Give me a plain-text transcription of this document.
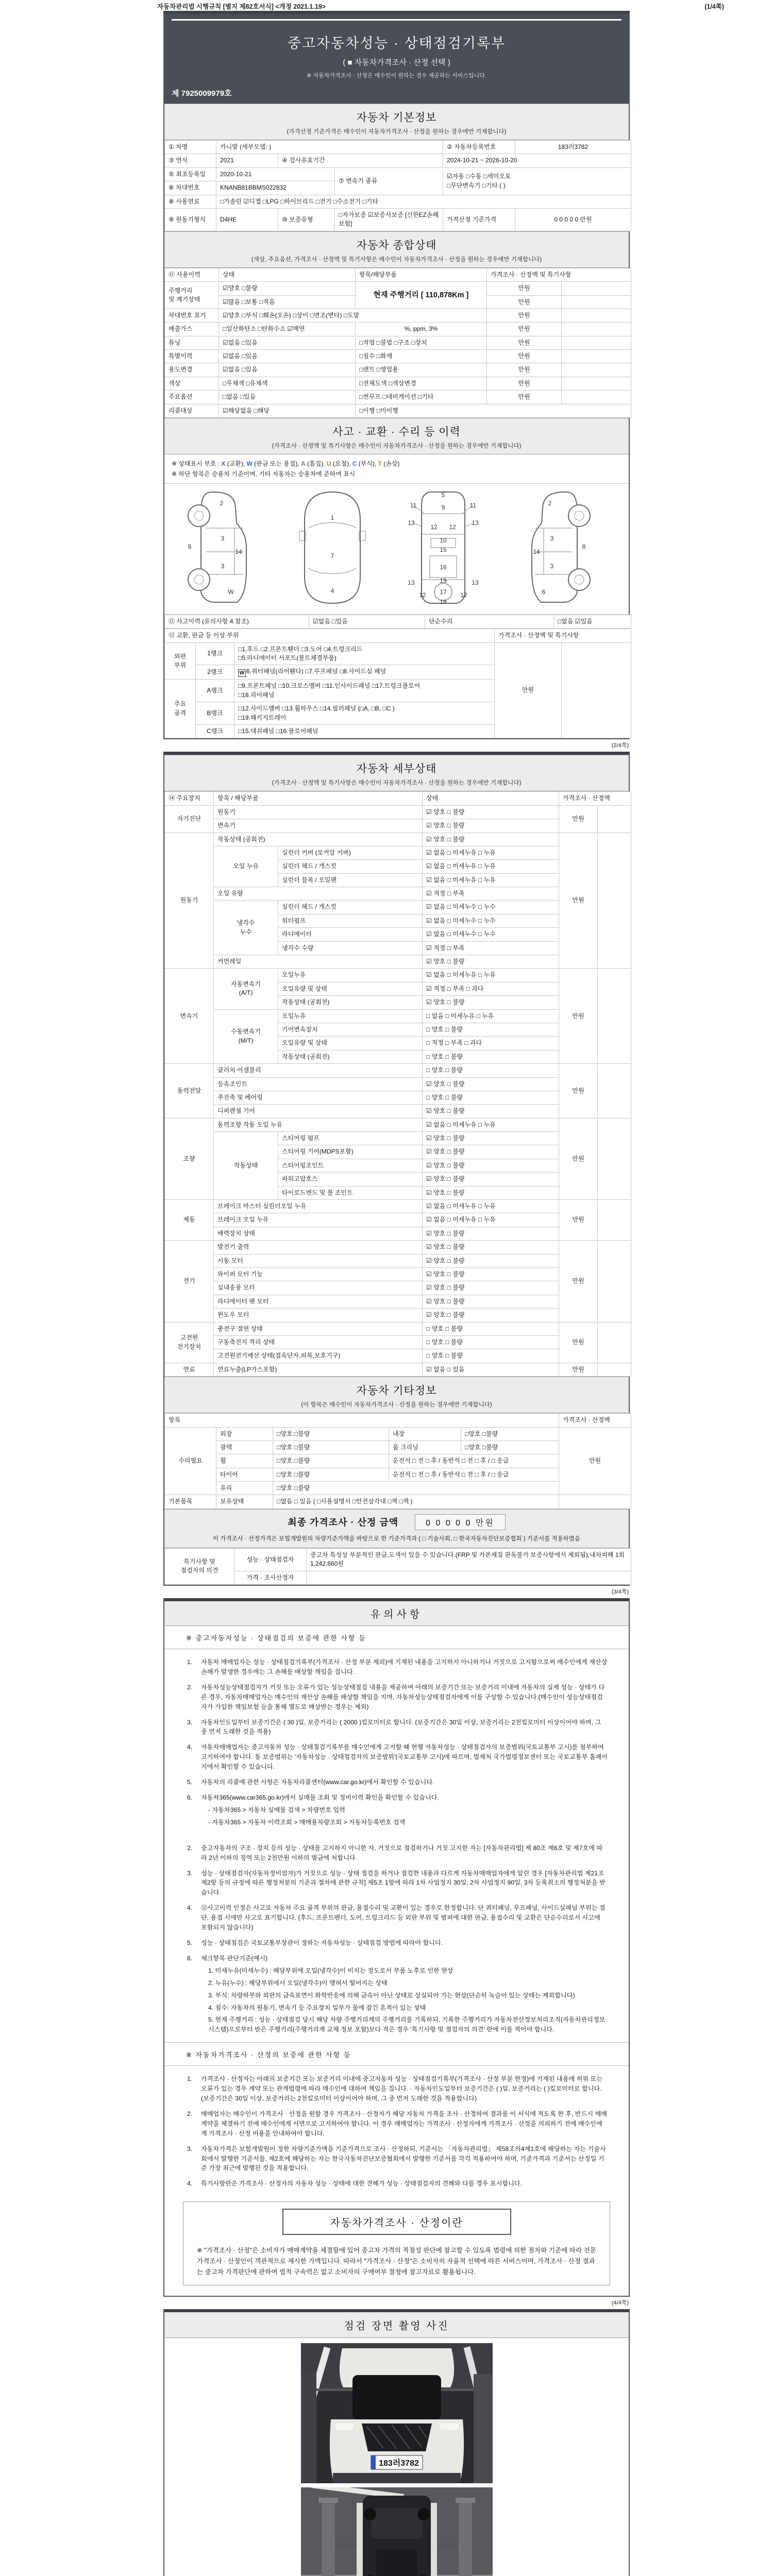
자동차관리법 시행규칙 [별지 제82호서식] <개정 2021.1.19>	(1/4쪽)
중고자동차성능 · 상태점검기록부
( ■ 자동차가격조사 · 산정 선택 )
※ 자동차가격조사 · 산정은 매수인이 원하는 경우 제공하는 서비스입니다.
제 7925009979호
자동차 기본정보
(가격산정 기준가격은 매수인이 자동차가격조사 · 산정을 원하는 경우에만 기재합니다)
① 차명	카니발 (세부모델: )			② 자동차등록번호	183러3782
③ 연식	2021	④ 검사유효기간		2024-10-21 ~ 2026-10-20	
⑤ 최초등록일	2020-10-21		⑦ 변속기 종류	☑자동 □수동 □세미오토
□무단변속기 □기타 ( )	
⑥ 차대번호	KNANB81BBMS022832				
⑧ 사용연료	□가솔린 ☑디젤 □LPG □하이브리드 □전기 □수소전기 □기타				
⑨ 원동기형식	D4HE	⑩ 보증유형	□자가보증 ☑보증사보증 [신한EZ손해보험]	가격산정 기준가격	0 0 0 0 0 만원
자동차 종합상태
(색상, 주요옵션, 가격조사 · 산정액 및 특기사항은 매수인이 자동차가격조사 · 산정을 원하는 경우에만 기재합니다)
⑪ 사용이력	상태	항목/해당부품	가격조사 · 산정액 및 특기사항	
주행거리
및 계기상태	☑양호 □불량	현재 주행거리 [ 110,878Km ]	만원	
	☑많음 □보통 □적음		만원	
차대번호 표기	☑양호 □부식 □훼손(오손) □상이 □변조(변타) □도말		만원	
배출가스	□일산화탄소 □탄화수소 ☑매연	%, ppm, 3%	만원	
튜닝	☑없음 □있음	□적법 □불법 □구조 □장치	만원	
특별이력	☑없음 □있음	□침수 □화재	만원	
용도변경	☑없음 □있음	□렌트 □영업용	만원	
색상	□무채색 □유채색	□전체도색 □색상변경	만원	
주요옵션	□없음 □있음	□썬루프 □네비게이션 □기타	만원	
리콜대상	☑해당없음 □해당	□이행 □미이행		
사고 · 교환 · 수리 등 이력
(가격조사 · 산정액 및 특기사항은 매수인이 자동차가격조사 · 산정을 원하는 경우에만 기재합니다)
※ 상태표시 부호 : X (교환), W (판금 또는 용접), A (흠집), U (요철), C (부식), T (손상)
※ 하단 항목은 승용차 기준이며, 기타 자동차는 승용차에 준하여 표시
2
8
3
14
3
W
1
7
4
5
9
11	11
13	13
12 12
10
15
16
19
13	13
12	12
17
18
2
8
3
14
3
6
⑫ 사고이력 (유의사항 4.참조)	☑없음 □있음	단순수리	□없음 ☑있음
⑬ 교환, 판금 등 이상 부위			가격조사 · 산정액 및 특기사항	
외판
부위	1랭크	□1.후드 □2.프론트휀더 □3.도어 □4.트렁크리드
□5.라디에이터 서포트(볼트체결부품)	만원	
	2랭크	W 6.쿼터패널(리어휀다) □7.루프패널 □8.사이드실 패널		
주요
골격	A랭크	□9.프론트패널 □10.크로스멤버 □11.인사이드패널 □17.트렁크플로어
□18.리어패널		
	B랭크	□12.사이드멤버 □13.휠하우스 □14.필러패널 (□A, □B, □C )
□19.패키지트레이		
	C랭크	□15.대쉬패널 □16.플로어패널		
(2/4쪽)
자동차 세부상태
(가격조사 · 산정액 및 특기사항은 매수인이 자동차가격조사 · 산정을 원하는 경우에만 기재합니다)
⑭ 주요장치	항목 / 해당부품		상태	가격조사 · 산정액	
자기진단	원동기		☑ 양호 □ 불량	만원	
	변속기		☑ 양호 □ 불량		
원동기	작동상태 (공회전)		☑ 양호 □ 불량	만원	
	오일 누유	실린더 커버 (로커암 커버)	☑ 없음 □ 미세누유 □ 누유		
		실린더 헤드 / 개스킷	☑ 없음 □ 미세누유 □ 누유		
		실린더 블록 / 오일팬	☑ 없음 □ 미세누유 □ 누유		
	오일 유량		☑ 적정 □ 부족		
	냉각수
누수	실린더 헤드 / 개스킷	☑ 없음 □ 미세누수 □ 누수		
		워터펌프	☑ 없음 □ 미세누수 □ 누수		
		라디에이터	☑ 없음 □ 미세누수 □ 누수		
		냉각수 수량	☑ 적정 □ 부족		
	커먼레일		☑ 양호 □ 불량		
변속기	자동변속기
(A/T)	오일누유	☑ 없음 □ 미세누유 □ 누유	만원	
		오일유량 및 상태	☑ 적정 □ 부족 □ 과다		
		작동상태 (공회전)	☑ 양호 □ 불량		
	수동변속기
(M/T)	오일누유	□ 없음 □ 미세누유 □ 누유		
		기어변속장치	□ 양호 □ 불량		
		오일유량 및 상태	□ 적정 □ 부족 □ 과다		
		작동상태 (공회전)	□ 양호 □ 불량		
동력전달	클러치 어셈블리		□ 양호 □ 불량	만원	
	등속조인트		☑ 양호 □ 불량		
	추진축 및 베어링		□ 양호 □ 불량		
	디퍼렌셜 기어		☑ 양호 □ 불량		
조향	동력조향 작동 오일 누유		☑ 없음 □ 미세누유 □ 누유	만원	
	작동상태	스티어링 펌프	☑ 양호 □ 불량		
		스티어링 기어(MDPS포함)	☑ 양호 □ 불량		
		스티어링조인트	☑ 양호 □ 불량		
		파워고압호스	☑ 양호 □ 불량		
		타이로드엔드 및 볼 조인트	☑ 양호 □ 불량		
제동	브레이크 마스터 실린더오일 누유		☑ 없음 □ 미세누유 □ 누유	만원	
	브레이크 오일 누유		☑ 없음 □ 미세누유 □ 누유		
	배력장치 상태		☑ 양호 □ 불량		
전기	발전기 출력		☑ 양호 □ 불량	만원	
	시동 모터		☑ 양호 □ 불량		
	와이퍼 모터 기능		☑ 양호 □ 불량		
	실내송풍 모터		☑ 양호 □ 불량		
	라디에이터 팬 모터		☑ 양호 □ 불량		
	윈도우 모터		☑ 양호 □ 불량		
고전원
전기장치	충전구 절연 상태		□ 양호 □ 불량	만원	
	구동축전지 격리 상태		□ 양호 □ 불량		
	고전원전기배선 상태(접속단자,피복,보호기구)		□ 양호 □ 불량		
연료	연료누출(LP가스포함)		☑ 없음 □ 있음	만원	
자동차 기타정보
(이 항목은 매수인이 자동차가격조사 · 산정을 원하는 경우에만 기재합니다)
항목					가격조사 · 산정액
수리필요	외장	□양호 □불량	내장	□양호 □불량	만원
	광택	□양호 □불량	룸 크리닝	□양호 □불량	
	휠	□양호 □불량	운전석 □ 전 □ 후 / 동반석 □ 전 □ 후 / □ 응급		
	타이어	□양호 □불량	운전석 □ 전 □ 후 / 동반석 □ 전 □ 후 / □ 응급		
	유리	□양호 □불량			
기본품목	보유상태	□없음 □ 있음 ( □사용설명서 □안전삼각대 □잭 □잭 )			
최종 가격조사 · 산정 금액	0 0 0 0 0 만원
이 가격조사 · 산정가격은 보험개발원의 차량기준가액을 바탕으로 한 기준가격과 ( □ 기술사회, □ 한국자동차진단보증협회 ) 기준서를 적용하였음
특기사항 및
점검자의 의견	성능 · 상태점검자	중고차 특성상 부분적인 판금,도색이 있을 수 있습니다.(FRP 및 카본재질 판독불가 보증사항에서 제외됨),내차피해 1회 1,242,660원
	가격 · 조사산정자	
(3/4쪽)
유의사항
※ 중고자동차성능 · 상태점검의 보증에 관한 사항 등
1.	자동차 매매업자는 성능 · 상태점검기록부(가격조사 · 산정 부분 제외)에 기재된 내용을 고지하지 아니하거나 거짓으로 고지함으로써 매수인에게 재산상 손해가 발생한 경우에는 그 손해를 배상할 책임을 집니다.
2.	자동차성능상태점검자가 거짓 또는 오류가 있는 성능상태점검 내용을 제공하여 아래의 보증기간 또는 보증거리 이내에 자동차의 실제 성능 · 상태가 다른 경우, 자동차매매업자는 매수인의 재산상 손해를 배상할 책임을 지며, 자동차성능상태점검자에게 이를 구상할 수 있습니다.(매수인이 성능상태점검자가 가입한 책임보험 등을 통해 별도로 배상받는 경우는 제외)
3.	자동차인도일부터 보증기간은 ( 30 )일, 보증거리는 ( 2000 )킬로미터로 합니다. (보증기간은 30일 이상, 보증거리는 2천킬로미터 이상이어야 하며, 그 중 먼저 도래한 것을 적용)
4.	자동차매매업자는 중고자동차 성능 · 상태점검기록부를 매수인에게 고지할 때 현행 자동차성능 · 상태점검자의 보증범위(국토교통부 고시)를 첨부하여 고지하여야 합니다. 동 보증범위는 '자동차성능 · 상태점검자의 보증범위'(국토교통부 고시)에 따르며, 법제처 국가법령정보센터 또는 국토교통부 홈페이지에서 확인할 수 있습니다.
5.	자동차의 리콜에 관한 사항은 자동차리콜센터(www.car.go.kr)에서 확인할 수 있습니다.
6.	자동차365(www.car365.go.kr)에서 실매물 조회 및 정비이력 확인을 확인할 수 있습니다.
- 자동차365 > 자동차 실매물 검색 > 차량번호 입력
- 자동차365 > 자동차 이력조회 > 매매용차량조회 > 자동차등록번호 검색
2.	중고자동차의 구조 · 장치 등의 성능 · 상태를 고지하지 아니한 자, 거짓으로 점검하거나 거짓 고지한 자는 [자동차관리법] 제 80조 제6호 및 제7호에 따라 2년 이하의 징역 또는 2천만원 이하의 벌금에 처합니다.
3.	성능 · 상태점검자(자동차정비업자)가 거짓으로 성능 · 상태 점검을 하거나 점검한 내용과 다르게 자동차매매업자에게 알린 경우 [자동차관리법 제21조 제2항 등의 규정에 따른 행정처분의 기준과 절차에 관한 규칙] 제5조 1항에 따라 1차 사업정지 30일, 2차 사업정지 90일, 3차 등록취소의 행정처분을 받습니다.
4.	⑫사고이력 인정은 사고로 자동차 주요 골격 부위의 판금, 용접수리 및 교환이 있는 경우로 한정합니다. 단 쿼터패널, 루프패널, 사이드실패널 부위는 절단, 용접 시에만 사고로 표기합니다. (후드, 프론트펜더, 도어, 트렁크리드 등 외판 부위 및 범퍼에 대한 판금, 용접수리 및 교환은 단순수리로서 사고에 포함되지 않습니다)
5.	성능 · 상태점검은 국토교통부장관이 정하는 자동차성능 · 상태점검 방법에 따라야 합니다.
6.	체크항목 판단기준(예시)
1. 미세누유(미세누수) : 해당부위에 오일(냉각수)이 비치는 정도로서 부품 노후로 인한 현상
2. 누유(누수) : 해당부위에서 오일(냉각수)이 맺혀서 떨어지는 상태
3. 부식: 차량하부와 외판의 금속표면이 화학반응에 의해 금속이 아닌 상태로 상실되어 가는 현상(단순히 녹슬어 있는 상태는 제외합니다)
4. 침수: 자동차의 원동기, 변속기 등 주요장치 일부가 물에 잠긴 흔적이 있는 상태
5. 현재 주행거리 : 성능 · 상태점검 당시 해당 차량 주행거리계의 주행거리를 기록하되, 기록한 주행거리가 자동차전산정보처리조직(자동차관리정보시스템)으로부터 받은 주행거리(주행거리계 교체 정보 포함)보다 적은 경우 '특기사항 및 점검자의 의견' 란에 이를 적어야 합니다.
※ 자동차가격조사 · 산정의 보증에 관한 사항 등
1.	가격조사 · 산정자는 아래의 보증기간 또는 보증거리 이내에 중고자동차 성능 · 상태점검기록부(가격조사 · 산정 부분 한정)에 기재된 내용에 허위 또는 오류가 있는 경우 계약 또는 관계법령에 따라 매수인에 대하여 책임을 집니다. · 자동차인도일부터 보증기간은 ( )일, 보증거리는 ( )킬로미터로 합니다. (보증기간은 30일 이상, 보증거리는 2천킬로미터 이상이어야 하며, 그 중 먼저 도래한 것을 적용합니다)
2.	매매업자는 매수인이 가격조사 · 산정을 원할 경우 가격조사 · 산정자가 해당 자동차 가격을 조사 · 산정하여 결과를 이 서식에 적도록 한 후, 반드시 매매계약을 체결하기 전에 매수인에게 서면으로 고지하여야 합니다. 이 경우 매매업자는 가격조사 · 산정자에게 가격조사 · 산정을 의뢰하기 전에 매수인에게 가격조사 · 산정 비용을 안내하여야 합니다.
3.	자동차가격은 보험개발원이 정한 차량기준가액을 기준가격으로 조사 · 산정하되, 기준서는 「자동차관리법」 제58조의4제1호에 해당하는 자는 기술사회에서 발행한 기준서를, 제2호에 해당하는 자는 한국자동차진단보증협회에서 발행한 기준서를 각각 적용하여야 하며, 기준가격과 기준서는 산정일 기준 가장 최근에 발행된 것을 적용합니다.
4.	특기사항란은 가격조사 · 산정자의 자동차 성능 · 상태에 대한 견해가 성능 · 상태점검자의 견해와 다를 경우 표시합니다.
자동차가격조사 · 산정이란
※ "가격조사 · 산정"은 소비자가 매매계약을 체결함에 있어 중고차 가격의 적절성 판단에 참고할 수 있도록 법령에 의한 절차와 기준에 따라 전문 가격조사 · 산정인이 객관적으로 제시한 가액입니다. 따라서 "가격조사 · 산정"은 소비자의 자율적 선택에 따른 서비스이며, 가격조사 · 산정 결과는 중고차 가격판단에 관하여 법적 구속력은 없고 소비자의 구매여부 결정에 참고자료로 활용됩니다.
(4/4쪽)
점검 장면 촬영 사진
183러3782
